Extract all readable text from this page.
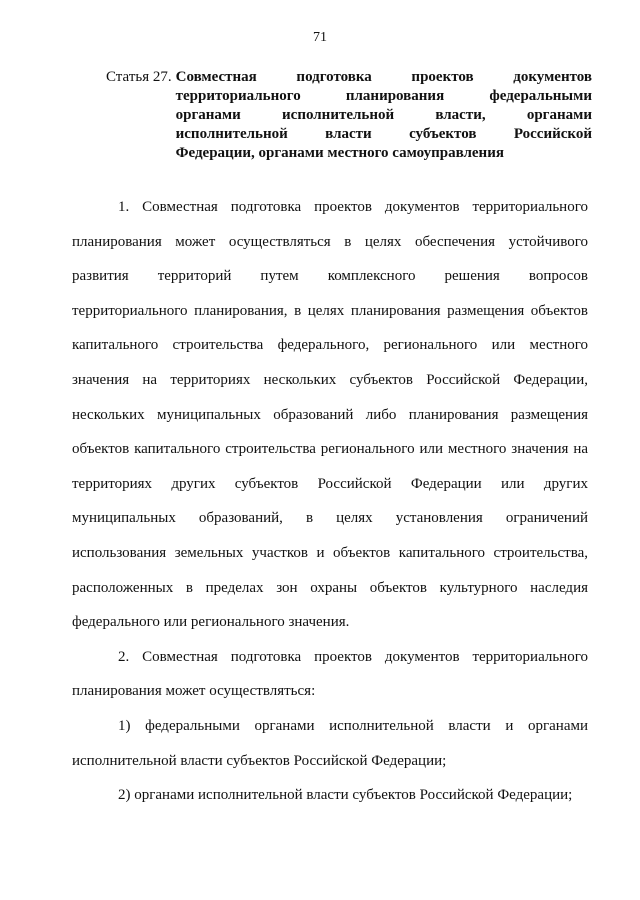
71
Статья 27. Совместная подготовка проектов документов
территориального планирования федеральными
органами исполнительной власти, органами
исполнительной власти субъектов Российской
Федерации, органами местного самоуправления

1. Совместная подготовка проектов документов территориального
планирования может осуществляться в целях обеспечения устойчивого
развития территорий путем комплексного решения вопросов
территориального планирования, в целях планирования размещения объектов
капитального строительства федерального, регионального или местного
значения на территориях нескольких субъектов Российской Федерации,
нескольких муниципальных образований либо планирования размещения
объектов капитального строительства регионального или местного значения на
территориях других субъектов Российской Федерации или других
муниципальных образований, в целях установления ограничений
использования земельных участков и объектов капитального строительства,
расположенных в пределах зон охраны объектов культурного наследия
федерального или регионального значения.

2. Совместная подготовка проектов документов территориального
планирования может осуществляться:

1) федеральными органами исполнительной власти и органами
исполнительной власти субъектов Российской Федерации;

2) органами исполнительной власти субъектов Российской Федерации;
